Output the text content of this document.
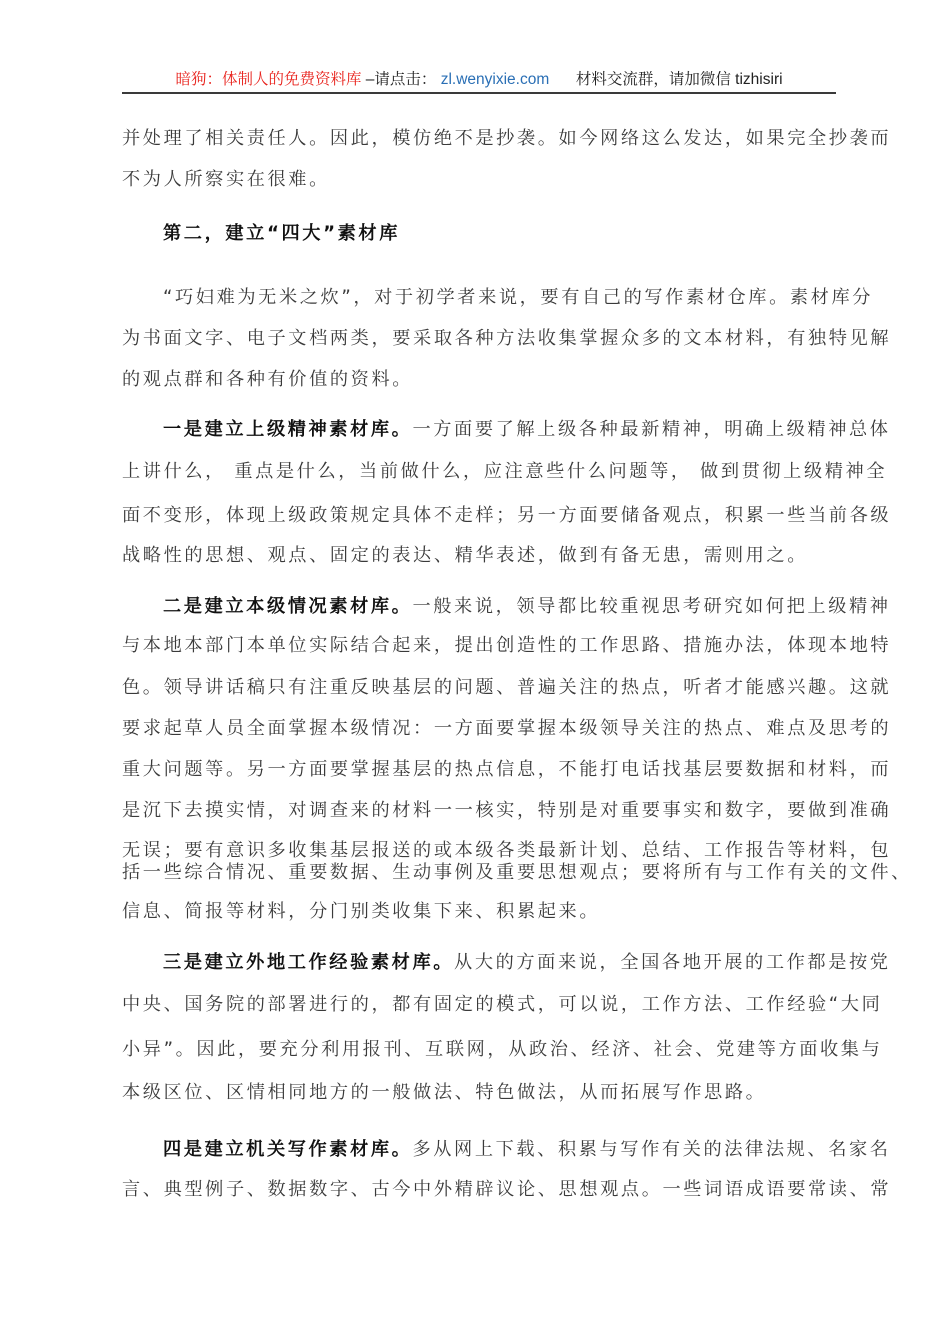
暗狗：体制人的免费资料库 –请点击： zl.wenyixie.com 材料交流群，请加微信 tizhisiri
并处理了相关责任人。因此，模仿绝不是抄袭。如今网络这么发达，如果完全抄袭而
不为人所察实在很难。
第二，建立“四大”素材库
“巧妇难为无米之炊”，对于初学者来说，要有自己的写作素材仓库。素材库分
为书面文字、电子文档两类，要采取各种方法收集掌握众多的文本材料，有独特见解
的观点群和各种有价值的资料。
一是建立上级精神素材库。一方面要了解上级各种最新精神，明确上级精神总体
上讲什么， 重点是什么，当前做什么，应注意些什么问题等， 做到贯彻上级精神全
面不变形，体现上级政策规定具体不走样；另一方面要储备观点，积累一些当前各级
战略性的思想、观点、固定的表达、精华表述，做到有备无患，需则用之。
二是建立本级情况素材库。一般来说，领导都比较重视思考研究如何把上级精神
与本地本部门本单位实际结合起来，提出创造性的工作思路、措施办法，体现本地特
色。领导讲话稿只有注重反映基层的问题、普遍关注的热点，听者才能感兴趣。这就
要求起草人员全面掌握本级情况：一方面要掌握本级领导关注的热点、难点及思考的
重大问题等。另一方面要掌握基层的热点信息，不能打电话找基层要数据和材料，而
是沉下去摸实情，对调查来的材料一一核实，特别是对重要事实和数字，要做到准确
无误；要有意识多收集基层报送的或本级各类最新计划、总结、工作报告等材料，包
括一些综合情况、重要数据、生动事例及重要思想观点；要将所有与工作有关的文件、
信息、简报等材料，分门别类收集下来、积累起来。
三是建立外地工作经验素材库。从大的方面来说，全国各地开展的工作都是按党
中央、国务院的部署进行的，都有固定的模式，可以说，工作方法、工作经验“大同
小异”。因此，要充分利用报刊、互联网，从政治、经济、社会、党建等方面收集与
本级区位、区情相同地方的一般做法、特色做法，从而拓展写作思路。
四是建立机关写作素材库。多从网上下载、积累与写作有关的法律法规、名家名
言、典型例子、数据数字、古今中外精辟议论、思想观点。一些词语成语要常读、常
